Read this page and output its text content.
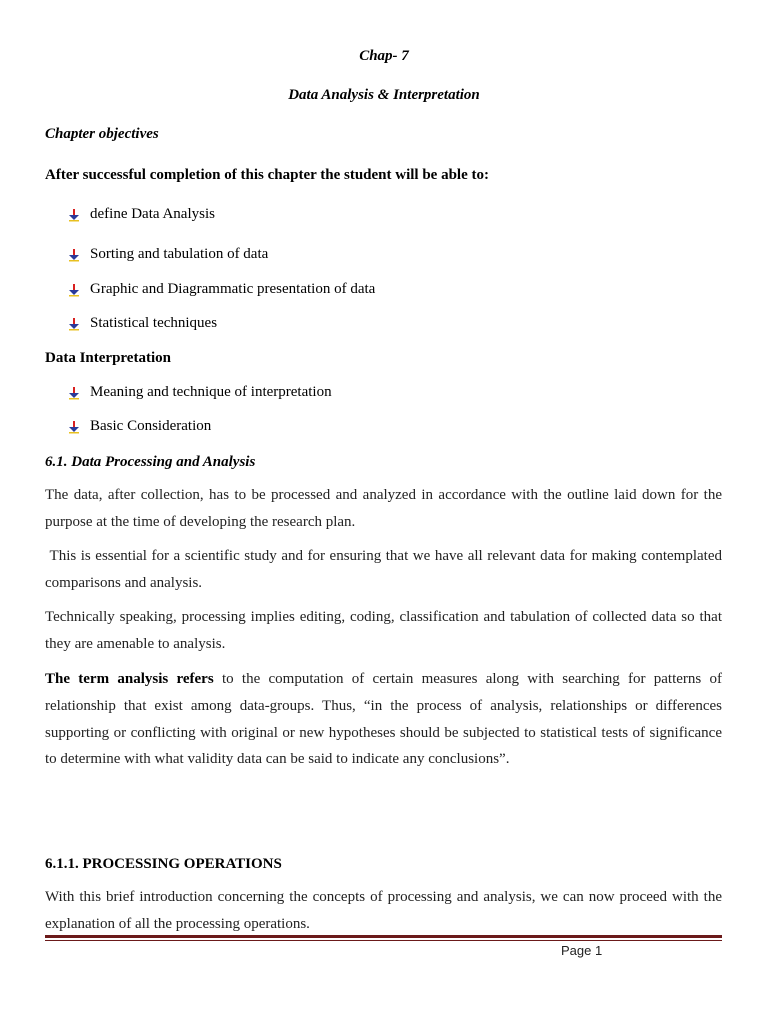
Chap- 7
Data Analysis & Interpretation
Chapter objectives
After successful completion of this chapter the student will be able to:
define Data Analysis
Sorting and tabulation of data
Graphic and Diagrammatic presentation of data
Statistical techniques
Data Interpretation
Meaning and technique of interpretation
Basic Consideration
6.1. Data Processing and Analysis
The data, after collection, has to be processed and analyzed in accordance with the outline laid down for the purpose at the time of developing the research plan.
This is essential for a scientific study and for ensuring that we have all relevant data for making contemplated comparisons and analysis.
Technically speaking, processing implies editing, coding, classification and tabulation of collected data so that they are amenable to analysis.
The term analysis refers to the computation of certain measures along with searching for patterns of relationship that exist among data-groups. Thus, “in the process of analysis, relationships or differences supporting or conflicting with original or new hypotheses should be subjected to statistical tests of significance to determine with what validity data can be said to indicate any conclusions”.
6.1.1. PROCESSING OPERATIONS
With this brief introduction concerning the concepts of processing and analysis, we can now proceed with the explanation of all the processing operations.
Page 1
